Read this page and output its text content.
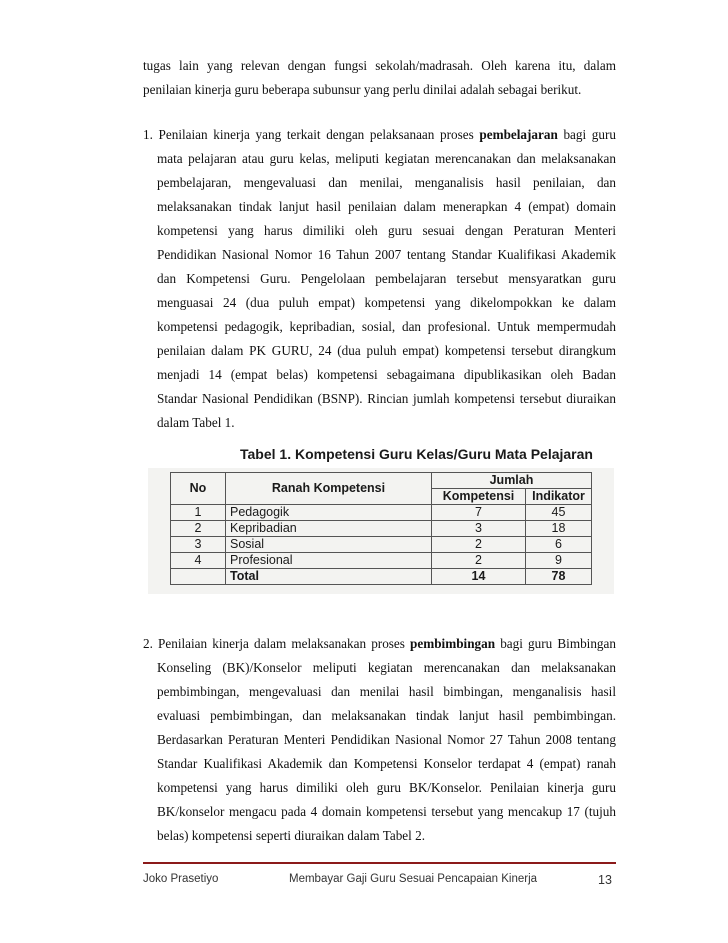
tugas lain yang relevan dengan fungsi sekolah/madrasah. Oleh karena itu, dalam
penilaian kinerja guru beberapa subunsur yang perlu dinilai adalah sebagai berikut.
1. Penilaian kinerja yang terkait dengan pelaksanaan proses pembelajaran bagi guru
mata pelajaran atau guru kelas, meliputi kegiatan merencanakan dan melaksanakan
pembelajaran, mengevaluasi dan menilai, menganalisis hasil penilaian, dan
melaksanakan tindak lanjut hasil penilaian dalam menerapkan 4 (empat) domain
kompetensi yang harus dimiliki oleh guru sesuai dengan Peraturan Menteri
Pendidikan Nasional Nomor 16 Tahun 2007 tentang Standar Kualifikasi Akademik
dan Kompetensi Guru. Pengelolaan pembelajaran tersebut mensyaratkan guru
menguasai 24 (dua puluh empat) kompetensi yang dikelompokkan ke dalam
kompetensi pedagogik, kepribadian, sosial, dan profesional. Untuk mempermudah
penilaian dalam PK GURU, 24 (dua puluh empat) kompetensi tersebut dirangkum
menjadi 14 (empat belas) kompetensi sebagaimana dipublikasikan oleh Badan
Standar Nasional Pendidikan (BSNP). Rincian jumlah kompetensi tersebut diuraikan
dalam Tabel 1.
Tabel 1. Kompetensi Guru Kelas/Guru Mata Pelajaran
No	Ranah Kompetensi	Jumlah	
		Kompetensi	Indikator
1	Pedagogik	7	45
2	Kepribadian	3	18
3	Sosial	2	6
4	Profesional	2	9
	Total	14	78
2. Penilaian kinerja dalam melaksanakan proses pembimbingan bagi guru Bimbingan
Konseling (BK)/Konselor meliputi kegiatan merencanakan dan melaksanakan
pembimbingan, mengevaluasi dan menilai hasil bimbingan, menganalisis hasil
evaluasi pembimbingan, dan melaksanakan tindak lanjut hasil pembimbingan.
Berdasarkan Peraturan Menteri Pendidikan Nasional Nomor 27 Tahun 2008 tentang
Standar Kualifikasi Akademik dan Kompetensi Konselor terdapat 4 (empat) ranah
kompetensi yang harus dimiliki oleh guru BK/Konselor. Penilaian kinerja guru
BK/konselor mengacu pada 4 domain kompetensi tersebut yang mencakup 17 (tujuh
belas) kompetensi seperti diuraikan dalam Tabel 2.
Joko Prasetiyo	Membayar Gaji Guru Sesuai Pencapaian Kinerja	13
